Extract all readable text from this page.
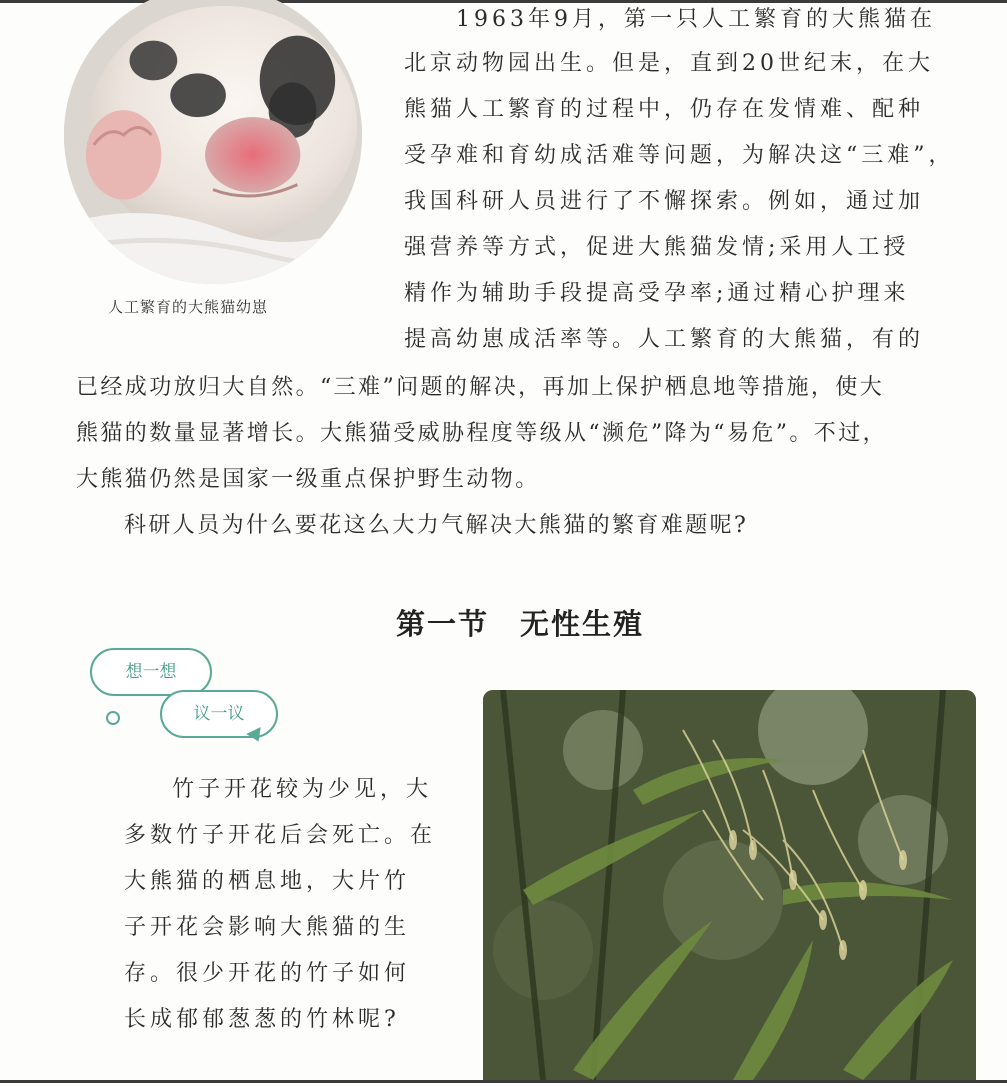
人工繁育的大熊猫幼崽
1963年9月，第一只人工繁育的大熊猫在
北京动物园出生。但是，直到20世纪末，在大
熊猫人工繁育的过程中，仍存在发情难、配种
受孕难和育幼成活难等问题，为解决这“三难”，
我国科研人员进行了不懈探索。例如，通过加
强营养等方式，促进大熊猫发情;采用人工授
精作为辅助手段提高受孕率;通过精心护理来
提高幼崽成活率等。人工繁育的大熊猫，有的
已经成功放归大自然。“三难”问题的解决，再加上保护栖息地等措施，使大
熊猫的数量显著增长。大熊猫受威胁程度等级从“濒危”降为“易危”。不过，
大熊猫仍然是国家一级重点保护野生动物。
科研人员为什么要花这么大力气解决大熊猫的繁育难题呢?
第一节　无性生殖
想一想
议一议
竹子开花较为少见，大
多数竹子开花后会死亡。在
大熊猫的栖息地，大片竹
子开花会影响大熊猫的生
存。很少开花的竹子如何
长成郁郁葱葱的竹林呢?
